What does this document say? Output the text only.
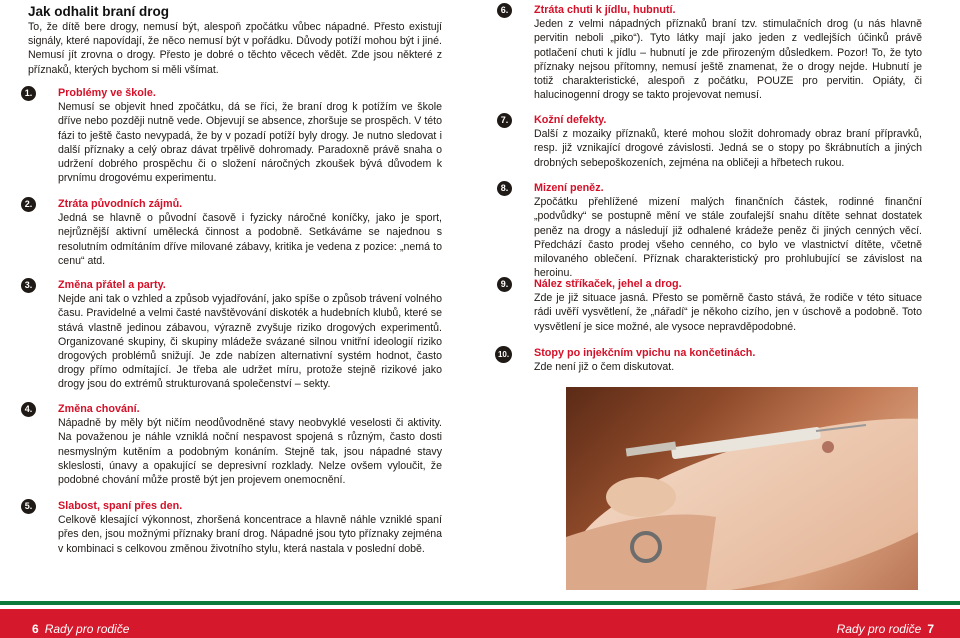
Jak odhalit braní drog

To, že dítě bere drogy, nemusí být, alespoň zpočátku vůbec nápadné. Přesto existují signály, které napovídají, že něco nemusí být v pořádku. Důvody potíží mohou být i jiné. Nemusí jít zrovna o drogy. Přesto je dobré o těchto věcech vědět. Zde jsou některé z příznaků, kterých bychom si měli všímat.

1.	Problémy ve škole.

Nemusí se objevit hned zpočátku, dá se říci, že braní drog k potížím ve škole dříve nebo později nutně vede. Objevují se absence, zhoršuje se prospěch. V této fázi to ještě často nevypadá, že by v pozadí potíží byly drogy. Je nutno sledovat i další příznaky a celý obraz dávat trpělivě dohromady. Paradoxně právě snaha o udržení dobrého prospěchu či o složení náročných zkoušek bývá důvodem k prvnímu drogovému experimentu.

2.	Ztráta původních zájmů.

Jedná se hlavně o původní časově i fyzicky náročné koníčky, jako je sport, nejrůznější aktivní umělecká činnost a podobně. Setkáváme se najednou s resolutním odmítáním dříve milované zábavy, kritika je vedena z pozice: „nemá to cenu“ atd.

3.	Změna přátel a party.

Nejde ani tak o vzhled a způsob vyjadřování, jako spíše o způsob trávení volného času. Pravidelné a velmi časté navštěvování diskoték a hudebních klubů, které se stává vlastně jedinou zábavou, výrazně zvyšuje riziko drogových experimentů. Organizované skupiny, či skupiny mládeže svázané silnou vnitřní ideologií riziko drogových problémů snižují. Je zde nabízen alternativní systém hodnot, často drogy přímo odmítající. Je třeba ale udržet míru, protože stejně rizikové jako drogy jsou do extrémů strukturovaná společenství – sekty.

4.	Změna chování.

Nápadně by měly být ničím neodůvodněné stavy neobvyklé veselosti či aktivity. Na považenou je náhle vzniklá noční nespavost spojená s různým, často dosti nesmyslným kutěním a podobným konáním. Stejně tak, jsou nápadné stavy skleslosti, únavy a opakující se depresivní rozklady. Nelze ovšem vyloučit, že podobné chování může prostě být jen projevem onemocnění.

5.	Slabost, spaní přes den.

Celkově klesající výkonnost, zhoršená koncentrace a hlavně náhle vzniklé spaní přes den, jsou možnými příznaky braní drog. Nápadné jsou tyto příznaky zejména v kombinaci s celkovou změnou životního stylu, která nastala v poslední době.

6.	Ztráta chuti k jídlu, hubnutí.

Jeden z velmi nápadných příznaků braní tzv. stimulačních drog (u nás hlavně pervitin neboli „piko“). Tyto látky mají jako jeden z vedlejších účinků právě potlačení chuti k jídlu – hubnutí je zde přirozeným důsledkem. Pozor! To, že tyto příznaky nejsou přítomny, nemusí ještě znamenat, že o drogy nejde. Hubnutí je totiž charakteristické, alespoň z počátku, POUZE pro pervitin. Opiáty, či halucinogenní drogy se takto projevovat nemusí.

7.	Kožní defekty.

Další z mozaiky příznaků, které mohou složit dohromady obraz braní přípravků, resp. již vznikající drogové závislosti. Jedná se o stopy po škrábnutích a jiných drobných sebepoškozeních, zejména na obličeji a hřbetech rukou.

8.	Mizení peněz.

Zpočátku přehlížené mizení malých finančních částek, rodinné finanční „podvůdky“ se postupně mění ve stále zoufalejší snahu dítěte sehnat dostatek peněz na drogy a následují již odhalené krádeže peněz či jiných cenných věcí. Předchází často prodej všeho cenného, co bylo ve vlastnictví dítěte, včetně milovaného oblečení. Příznak charakteristický pro prohlubující se závislost na heroinu.

9.	Nález stříkaček, jehel a drog.

Zde je již situace jasná. Přesto se poměrně často stává, že rodiče v této situace rádi uvěří vysvětlení, že „nářadí“ je někoho cizího, jen v úschově a podobně. Toto vysvětlení je sice možné, ale vysoce nepravděpodobné.

10.	Stopy po injekčním vpichu na končetinách.

Zde není již o čem diskutovat.

6 Rady pro rodiče	Rady pro rodiče 7
